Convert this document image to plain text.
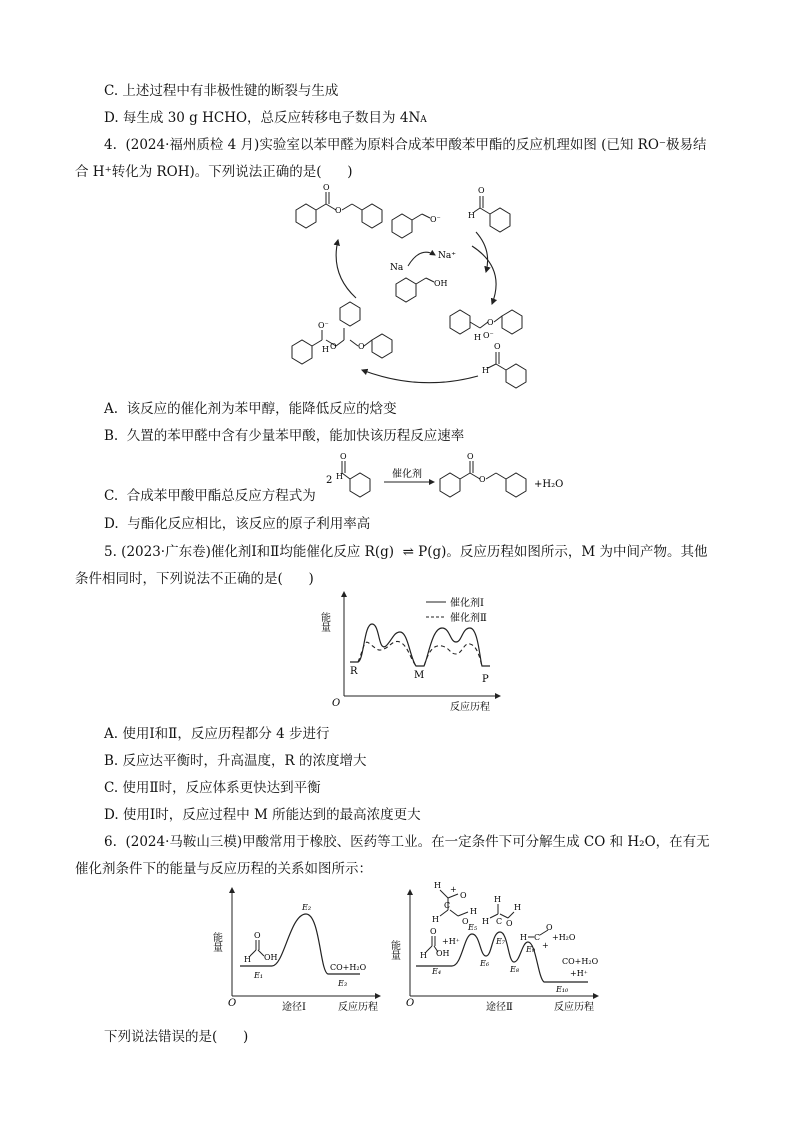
C. 上述过程中有非极性键的断裂与生成
D. 每生成 30 g HCHO，总反应转移电子数目为 4NA
4.  (2024·福州质检 4 月)实验室以苯甲醛为原料合成苯甲酸苯甲酯的反应机理如图 (已知 RO⁻极易结
合 H⁺转化为 ROH)。下列说法正确的是(      )
O
O
O⁻
O
H
Na
Na⁺
OH
H
O
O⁻
O
H
O⁻
H O	O
A.  该反应的催化剂为苯甲醇，能降低反应的焓变
B.  久置的苯甲醛中含有少量苯甲酸，能加快该历程反应速率
C.  合成苯甲酸甲酯总反应方程式为
2
O
H	催化剂
O
O	+H₂O
D.  与酯化反应相比，该反应的原子利用率高
5. (2023·广东卷)催化剂Ⅰ和Ⅱ均能催化反应 R(g)  ⇌ P(g)。反应历程如图所示，M 为中间产物。其他
条件相同时，下列说法不正确的是(      )
能量
O	反应历程
催化剂Ⅰ
催化剂Ⅱ
R	M	P
A. 使用Ⅰ和Ⅱ，反应历程都分 4 步进行
B. 反应达平衡时，升高温度，R 的浓度增大
C. 使用Ⅱ时，反应体系更快达到平衡
D. 使用Ⅰ时，反应过程中 M 所能达到的最高浓度更大
6.  (2024·马鞍山三模)甲酸常用于橡胶、医药等工业。在一定条件下可分解生成 CO 和 H₂O，在有无
催化剂条件下的能量与反应历程的关系如图所示：
能量
O	途径Ⅰ	反应历程
H
O
OH
E₁
E₂
CO+H₂O
E₃
能量
O	途径Ⅱ	反应历程
H
O
OH
+H⁺
E₄
H +
O
C
H	O
H
E₅
E₆
H
H C O
H
E₇
E₈
H C
O
+
+H₂O
E₉
CO+H₂O
+H⁺
E₁₀
下列说法错误的是(      )
